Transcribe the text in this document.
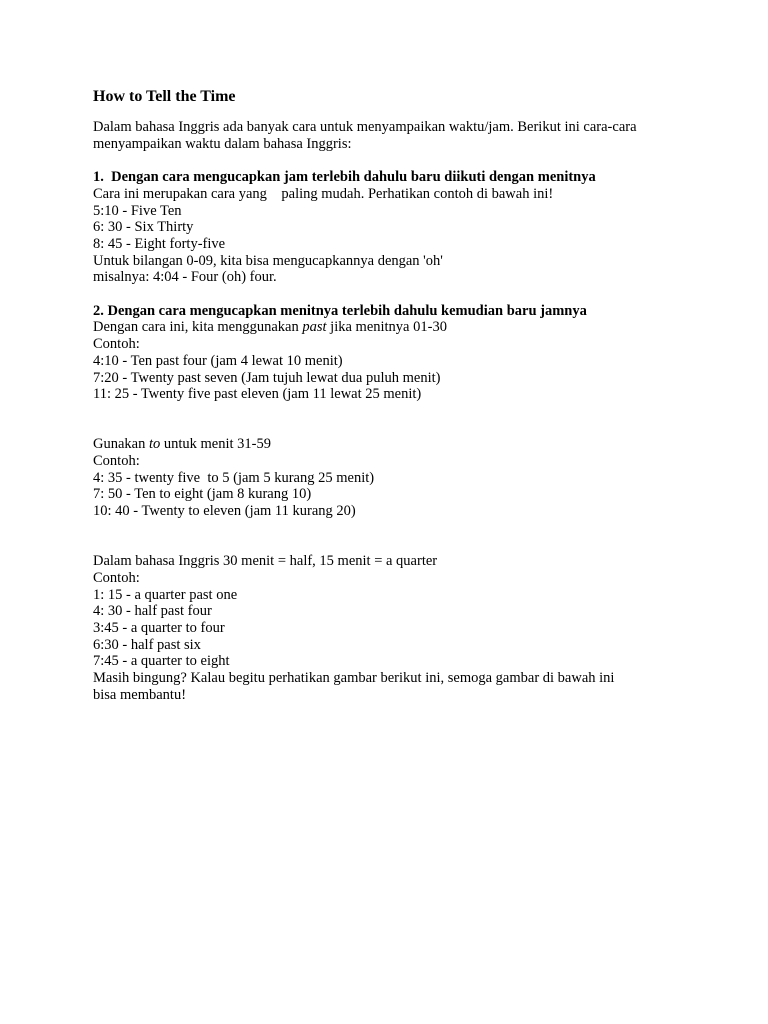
How to Tell the Time
Dalam bahasa Inggris ada banyak cara untuk menyampaikan waktu/jam. Berikut ini cara-cara
menyampaikan waktu dalam bahasa Inggris:
1.  Dengan cara mengucapkan jam terlebih dahulu baru diikuti dengan menitnya
Cara ini merupakan cara yang    paling mudah. Perhatikan contoh di bawah ini!
5:10 - Five Ten
6: 30 - Six Thirty
8: 45 - Eight forty-five
Untuk bilangan 0-09, kita bisa mengucapkannya dengan 'oh'
misalnya: 4:04 - Four (oh) four.
2. Dengan cara mengucapkan menitnya terlebih dahulu kemudian baru jamnya
Dengan cara ini, kita menggunakan past jika menitnya 01-30
Contoh:
4:10 - Ten past four (jam 4 lewat 10 menit)
7:20 - Twenty past seven (Jam tujuh lewat dua puluh menit)
11: 25 - Twenty five past eleven (jam 11 lewat 25 menit)
Gunakan to untuk menit 31-59
Contoh:
4: 35 - twenty five  to 5 (jam 5 kurang 25 menit)
7: 50 - Ten to eight (jam 8 kurang 10)
10: 40 - Twenty to eleven (jam 11 kurang 20)
Dalam bahasa Inggris 30 menit = half, 15 menit = a quarter
Contoh:
1: 15 - a quarter past one
4: 30 - half past four
3:45 - a quarter to four
6:30 - half past six
7:45 - a quarter to eight
Masih bingung? Kalau begitu perhatikan gambar berikut ini, semoga gambar di bawah ini
bisa membantu!
